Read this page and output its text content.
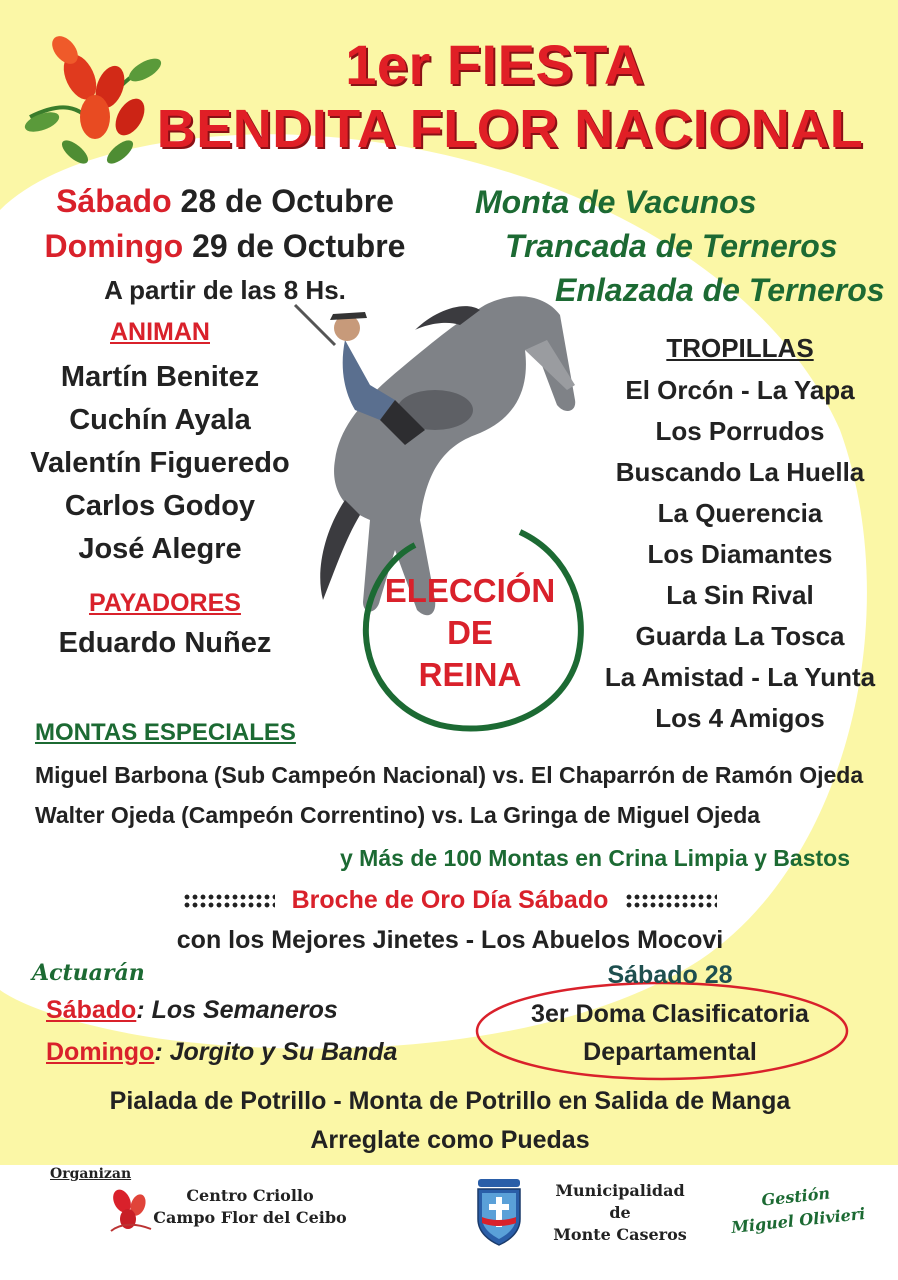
1er FIESTA
BENDITA FLOR NACIONAL
Sábado 28 de Octubre
Domingo 29 de Octubre
A partir de las 8 Hs.
Monta de Vacunos
Trancada de Terneros
Enlazada de Terneros
ANIMAN
Martín Benitez
Cuchín Ayala
Valentín Figueredo
Carlos Godoy
José Alegre
PAYADORES
Eduardo Nuñez
TROPILLAS
El Orcón - La Yapa
Los Porrudos
Buscando La Huella
La Querencia
Los Diamantes
La Sin Rival
Guarda La Tosca
La Amistad - La Yunta
Los 4 Amigos
ELECCIÓN
DE
REINA
MONTAS ESPECIALES
Miguel Barbona (Sub Campeón Nacional) vs. El Chaparrón de Ramón Ojeda
Walter Ojeda (Campeón Correntino) vs. La Gringa de Miguel Ojeda
y Más de 100 Montas en Crina Limpia y Bastos
Broche de Oro Día Sábado
con los Mejores Jinetes - Los Abuelos Mocovi
Actuarán
Sábado: Los Semaneros
Domingo: Jorgito y Su Banda
Sábado 28
3er Doma Clasificatoria
Departamental
Pialada de Potrillo - Monta de Potrillo en Salida de Manga
Arreglate como Puedas
Organizan
Centro Criollo
Campo Flor del Ceibo
Municipalidad
de
Monte Caseros
Gestión
Miguel Olivieri
